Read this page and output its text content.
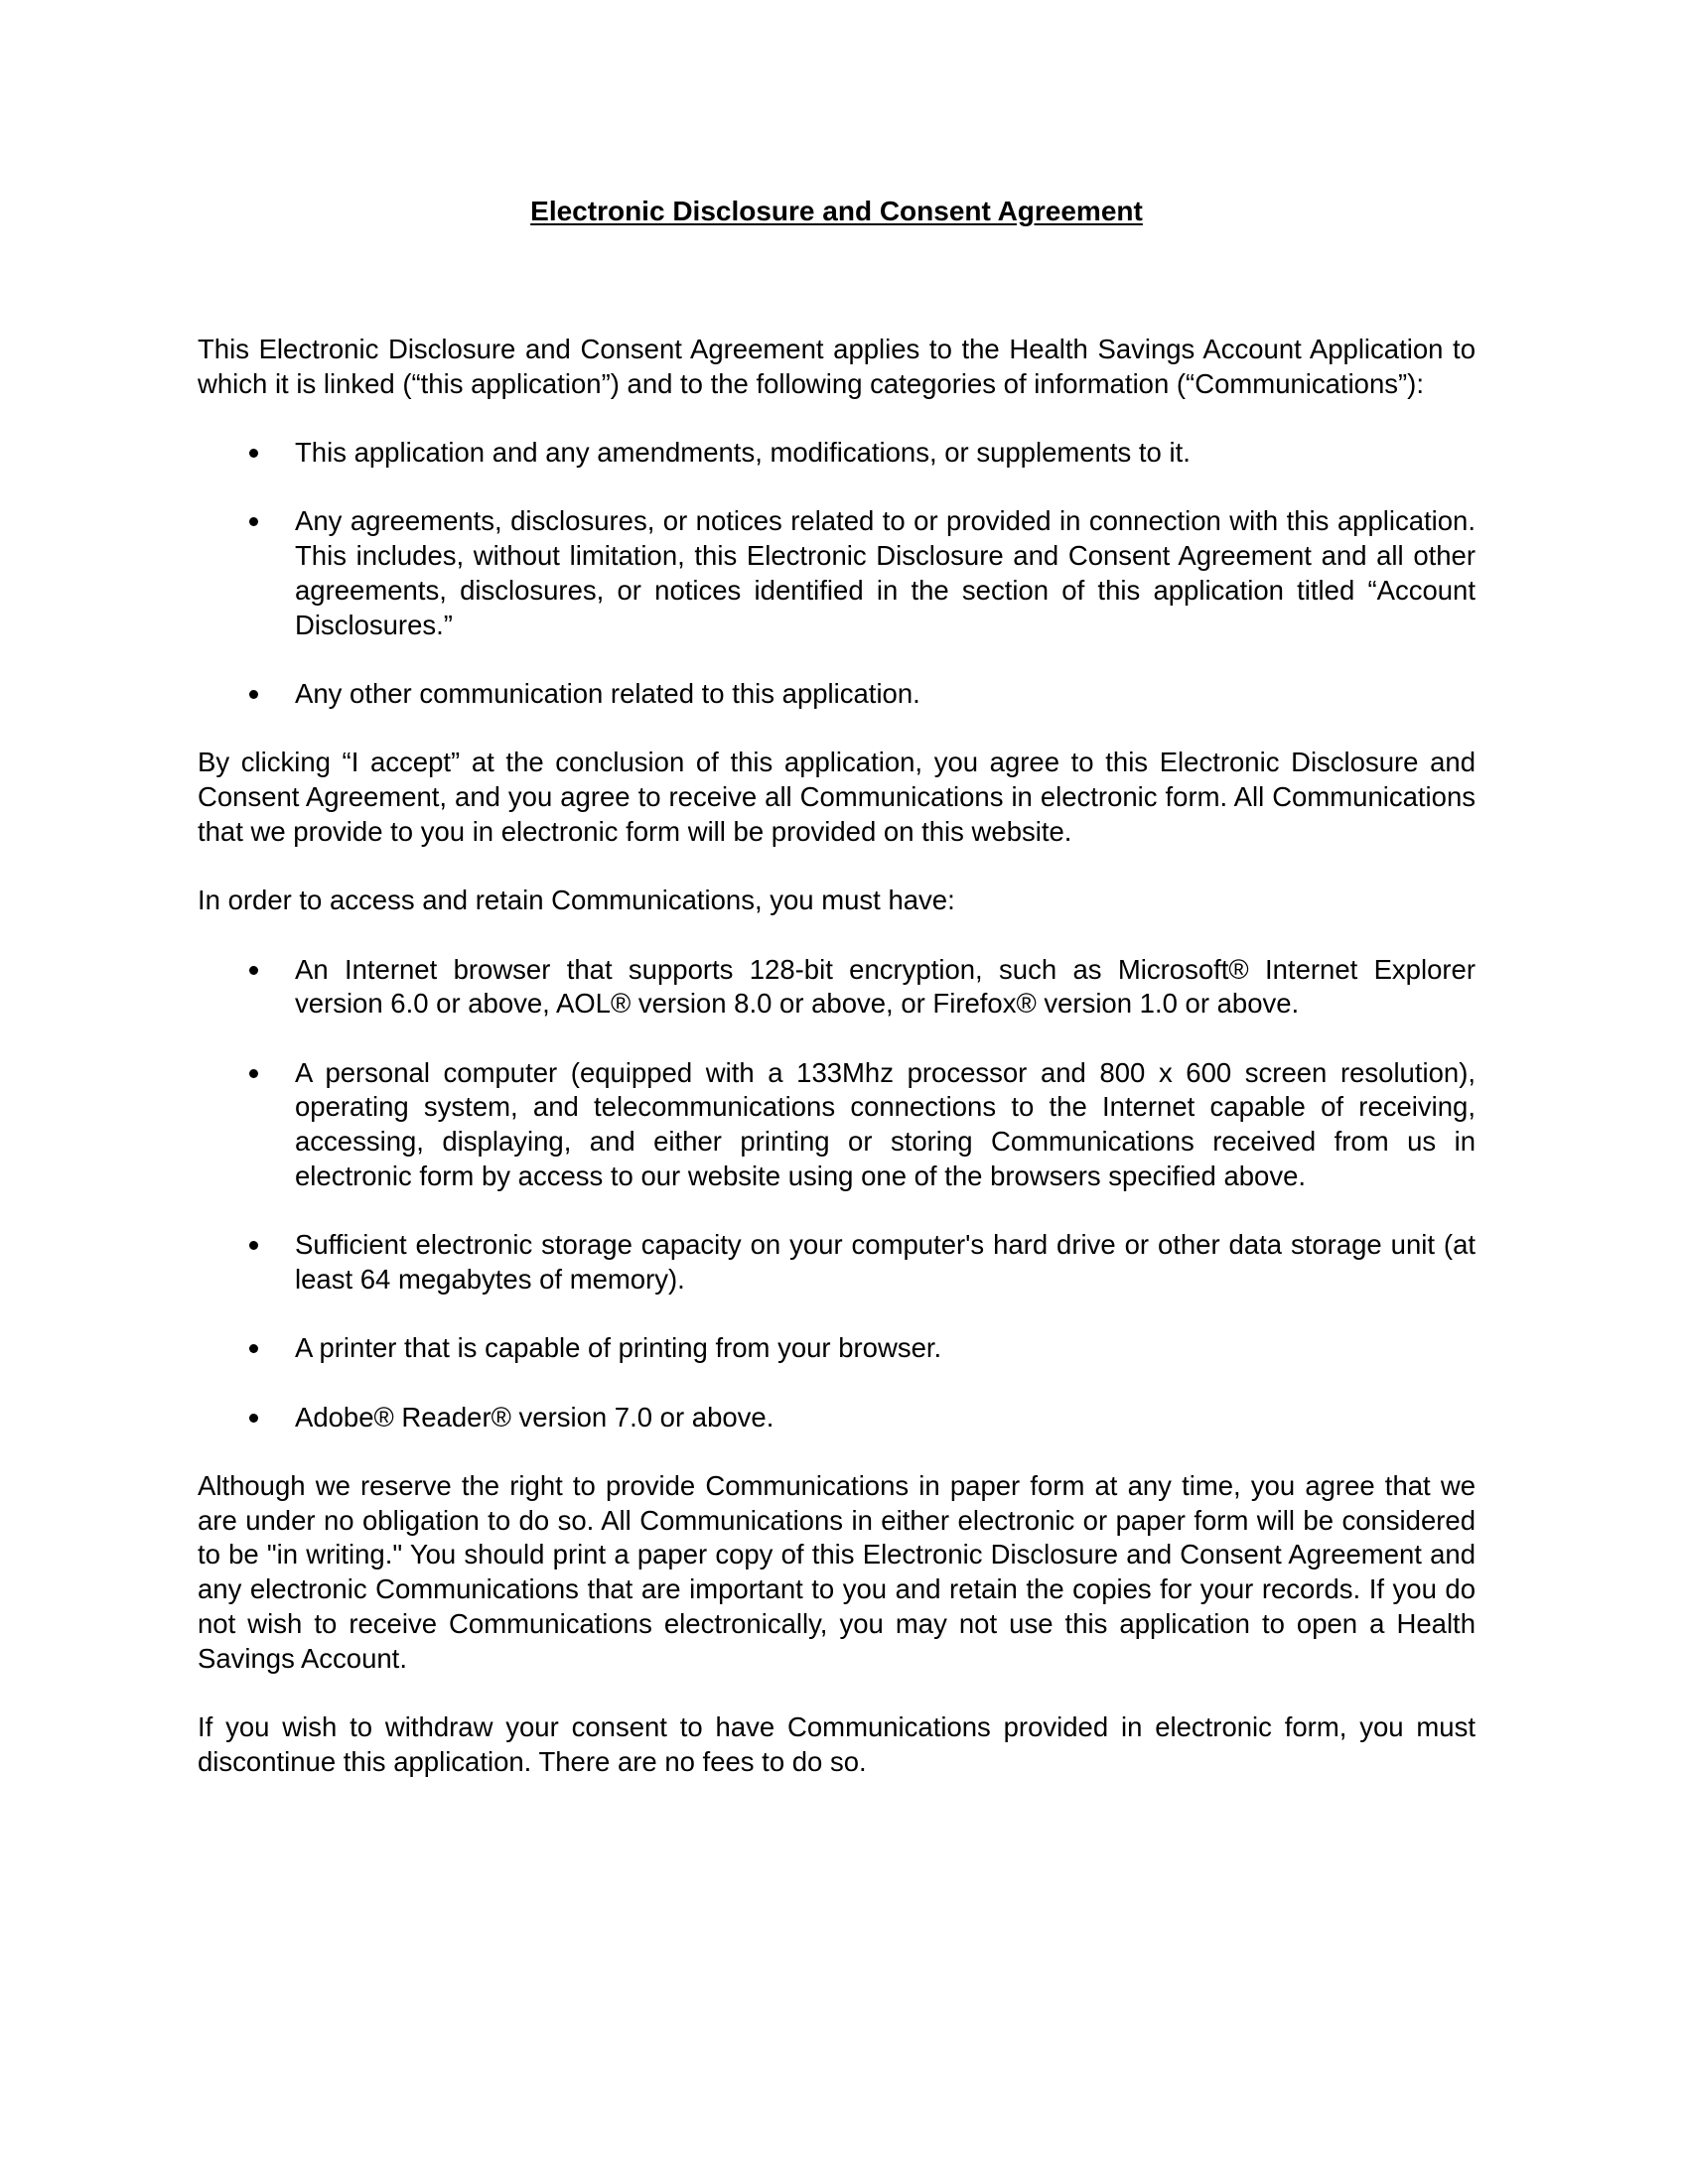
Electronic Disclosure and Consent Agreement

This Electronic Disclosure and Consent Agreement applies to the Health Savings Account Application to which it is linked (“this application”) and to the following categories of information (“Communications”):

This application and any amendments, modifications, or supplements to it.
Any agreements, disclosures, or notices related to or provided in connection with this application. This includes, without limitation, this Electronic Disclosure and Consent Agreement and all other agreements, disclosures, or notices identified in the section of this application titled “Account Disclosures.”
Any other communication related to this application.

By clicking “I accept” at the conclusion of this application, you agree to this Electronic Disclosure and Consent Agreement, and you agree to receive all Communications in electronic form. All Communications that we provide to you in electronic form will be provided on this website.

In order to access and retain Communications, you must have:

An Internet browser that supports 128-bit encryption, such as Microsoft® Internet Explorer version 6.0 or above, AOL® version 8.0 or above, or Firefox® version 1.0 or above.
A personal computer (equipped with a 133Mhz processor and 800 x 600 screen resolution), operating system, and telecommunications connections to the Internet capable of receiving, accessing, displaying, and either printing or storing Communications received from us in electronic form by access to our website using one of the browsers specified above.
Sufficient electronic storage capacity on your computer's hard drive or other data storage unit (at least 64 megabytes of memory).
A printer that is capable of printing from your browser.
Adobe® Reader® version 7.0 or above.

Although we reserve the right to provide Communications in paper form at any time, you agree that we are under no obligation to do so. All Communications in either electronic or paper form will be considered to be "in writing." You should print a paper copy of this Electronic Disclosure and Consent Agreement and any electronic Communications that are important to you and retain the copies for your records. If you do not wish to receive Communications electronically, you may not use this application to open a Health Savings Account.

If you wish to withdraw your consent to have Communications provided in electronic form, you must discontinue this application. There are no fees to do so.
